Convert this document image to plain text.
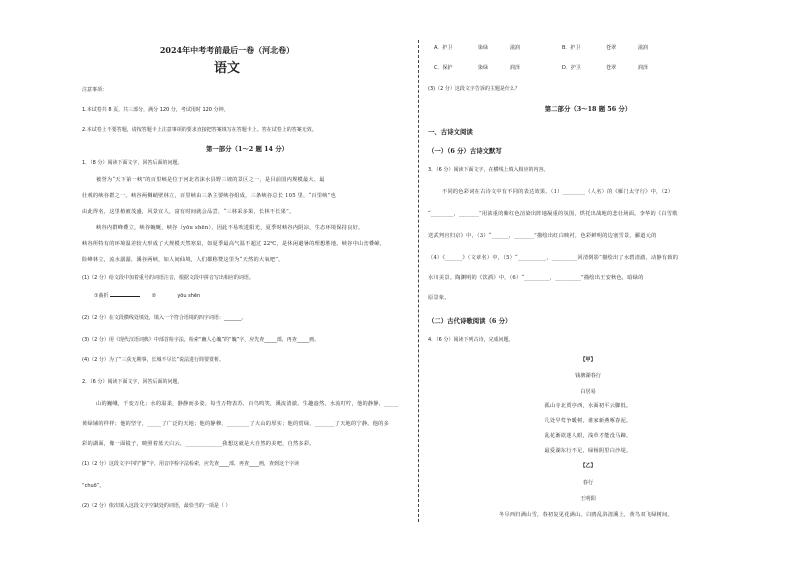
2024年中考考前最后一卷（河北卷）
语文
注意事项：
1.本试卷共 8 页，共三部分，满分 120 分，考试用时 120 分钟。
2.本试卷上不要答题，请按答题卡上注意事项的要求直接把答案填写在答题卡上。答在试卷上的答案无效。
第一部分（1～2 题 14 分）
1．（8 分）阅读下面文字，回答后面的问题。
被誉为“天下第一峡”的百里峡是位于河北省涞水县野三坡的景区之一，是目前国内规模最大、最
壮观的峡谷群之一。峡谷两侧峭壁林立，百里峡由三条主要峡谷组成，三条峡谷总长 105 里，“百里峡”也
由此得名，这里植被茂盛，风景宜人，富有时间就会品尝，“三林采多果，长林不长果”。
峡谷内群峰叠立，峡谷蜿蜒，峡谷（yōu shēn），因此不易吹进阳光，夏季时峡谷内阴凉，生态环境保持良好。
峡谷所特有的环境温差较大形成了大规模天然寒泉，如夏季最高气温不超过 22℃，是休闲避暑的理想胜地。峡谷中山峦叠嶂，
险峰林立，流水潺潺，溪谷两峡，如人间仙境，人们都称赞这里为“天然的大氧吧”。
(1)（2 分）给文段中加着重号的词语注音，根据文段中拼音写出相应的词语。
①曲折	②	yōu shēn
(2)（2 分）在文段横线处填处，填入一个符合语境的四字词语：_______。
(3)（2 分）用《现代汉语词典》中部首检字法，检索“幽人心魄”的“魄”字，应先查_____部，再查_____画。
(4)（2 分）为了“三获无期事，长城不尽长”说法进行简要赏析。
2．（6 分）阅读下面文字，回答后面的问题。
山的巍峨，千变万化；水的温柔，静静而多姿。每当万物表苏，百鸟鸣笑，溪流清澈，生趣盎然，水流叮咛，他的静静，_____
黄绿铺的样样；他的坚守，_____了广泛的天地；他的静穆，________了大山的厚实；他的赏绿，_______了天地的宁静。他的多
彩的湖面，像一面镜子，映照着蓝天白云，_____________我想这就是大自然的美吧，自然多彩。
(1)（2 分）这段文字中的“静”字，用音序检字法检索，应先查____部，再查____画，查到这个字读
“chuō”。
(2)（2 分）依次填入这段文字空缺处的词语，最恰当的一项是（ ）
A．护卫	染绿	滋润	B．护卫	苍翠	滋润
C．保护	染绿	润泽	D．护卫	苍翠	润泽
(3)（2 分）这段文字告诉的主题是什么？
第二部分（3～18 题 56 分）
一、古诗文阅读
（一）（6 分）古诗文默写
3．（6 分）阅读下面文字，在横线上填入相应的内容。
不同的色彩词在古诗文中有不同的表达效果。（1）________（人名）的《雁门太守行》中，（2）
“________，_______”用浓重的紫红色渲染出阵地凝重的氛围，烘托出战地的悲壮场面。李华的《白雪歌
送武判官归京》中，（3）“______，_______”描绘出红白映衬，色彩鲜明的边塞雪景。郦道元的
（4）《______》（文章名）中，（5）“__________，_________回清倒影”描绘出了水碧清澈，动静有致的
水川美景。陶渊明的《饮酒》中，（6）“_________，_________”描绘出王安秋色，暗绿的
原景象。
（二）古代诗歌阅读（6 分）
4．（6 分）阅读下列古诗，完成问题。
【甲】
钱塘湖春行
白居易
孤山寺北贾亭西，水面初平云脚低。
几处早莺争暖树，谁家新燕啄春泥。
乱花渐欲迷人眼，浅草才能没马蹄。
最爱湖东行不足，绿杨阴里白沙堤。
【乙】
春行
王明阳
冬尽西归满山雪，春初复见花满山。白鸥乱浴清溪上，黄鸟双飞绿树间。
